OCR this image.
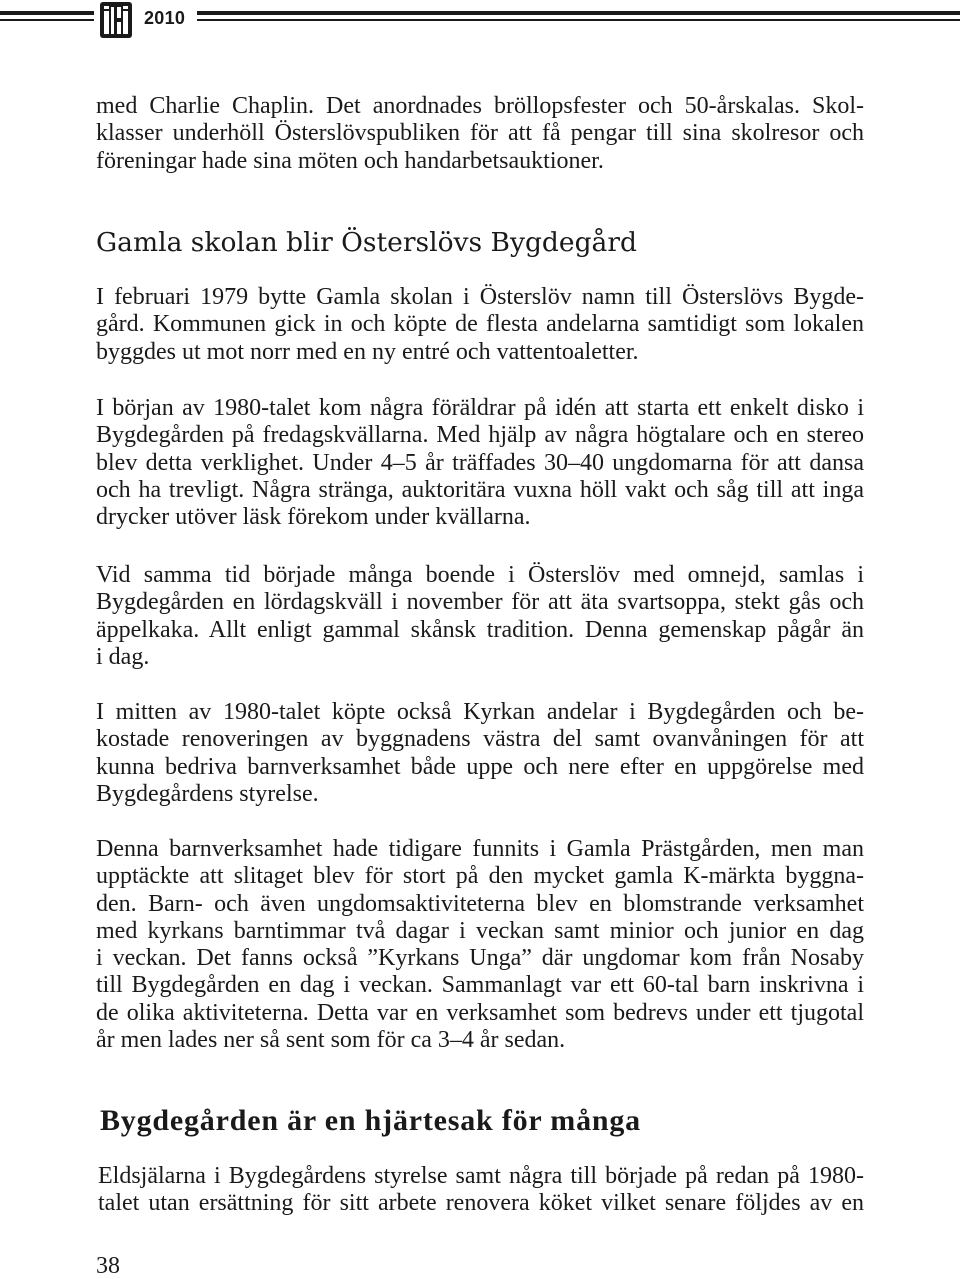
2010
med Charlie Chaplin. Det anordnades bröllopsfester och 50-årskalas. Skol-
klasser underhöll Österslövspubliken för att få pengar till sina skolresor och
föreningar hade sina möten och handarbetsauktioner.
Gamla skolan blir Österslövs Bygdegård
I februari 1979 bytte Gamla skolan i Österslöv namn till Österslövs Bygde-
gård. Kommunen gick in och köpte de flesta andelarna samtidigt som lokalen
byggdes ut mot norr med en ny entré och vattentoaletter.
I början av 1980-talet kom några föräldrar på idén att starta ett enkelt disko i
Bygdegården på fredagskvällarna. Med hjälp av några högtalare och en stereo
blev detta verklighet. Under 4–5 år träffades 30–40 ungdomarna för att dansa
och ha trevligt. Några stränga, auktoritära vuxna höll vakt och såg till att inga
drycker utöver läsk förekom under kvällarna.
Vid samma tid började många boende i Österslöv med omnejd, samlas i
Bygdegården en lördagskväll i november för att äta svartsoppa, stekt gås och
äppelkaka. Allt enligt gammal skånsk tradition. Denna gemenskap pågår än
i dag.
I mitten av 1980-talet köpte också Kyrkan andelar i Bygdegården och be-
kostade renoveringen av byggnadens västra del samt ovanvåningen för att
kunna bedriva barnverksamhet både uppe och nere efter en uppgörelse med
Bygdegårdens styrelse.
Denna barnverksamhet hade tidigare funnits i Gamla Prästgården, men man
upptäckte att slitaget blev för stort på den mycket gamla K-märkta byggna-
den. Barn- och även ungdomsaktiviteterna blev en blomstrande verksamhet
med kyrkans barntimmar två dagar i veckan samt minior och junior en dag
i veckan. Det fanns också ”Kyrkans Unga” där ungdomar kom från Nosaby
till Bygdegården en dag i veckan. Sammanlagt var ett 60-tal barn inskrivna i
de olika aktiviteterna. Detta var en verksamhet som bedrevs under ett tjugotal
år men lades ner så sent som för ca 3–4 år sedan.
Bygdegården är en hjärtesak för många
Eldsjälarna i Bygdegårdens styrelse samt några till började på redan på 1980-
talet utan ersättning för sitt arbete renovera köket vilket senare följdes av en
38
